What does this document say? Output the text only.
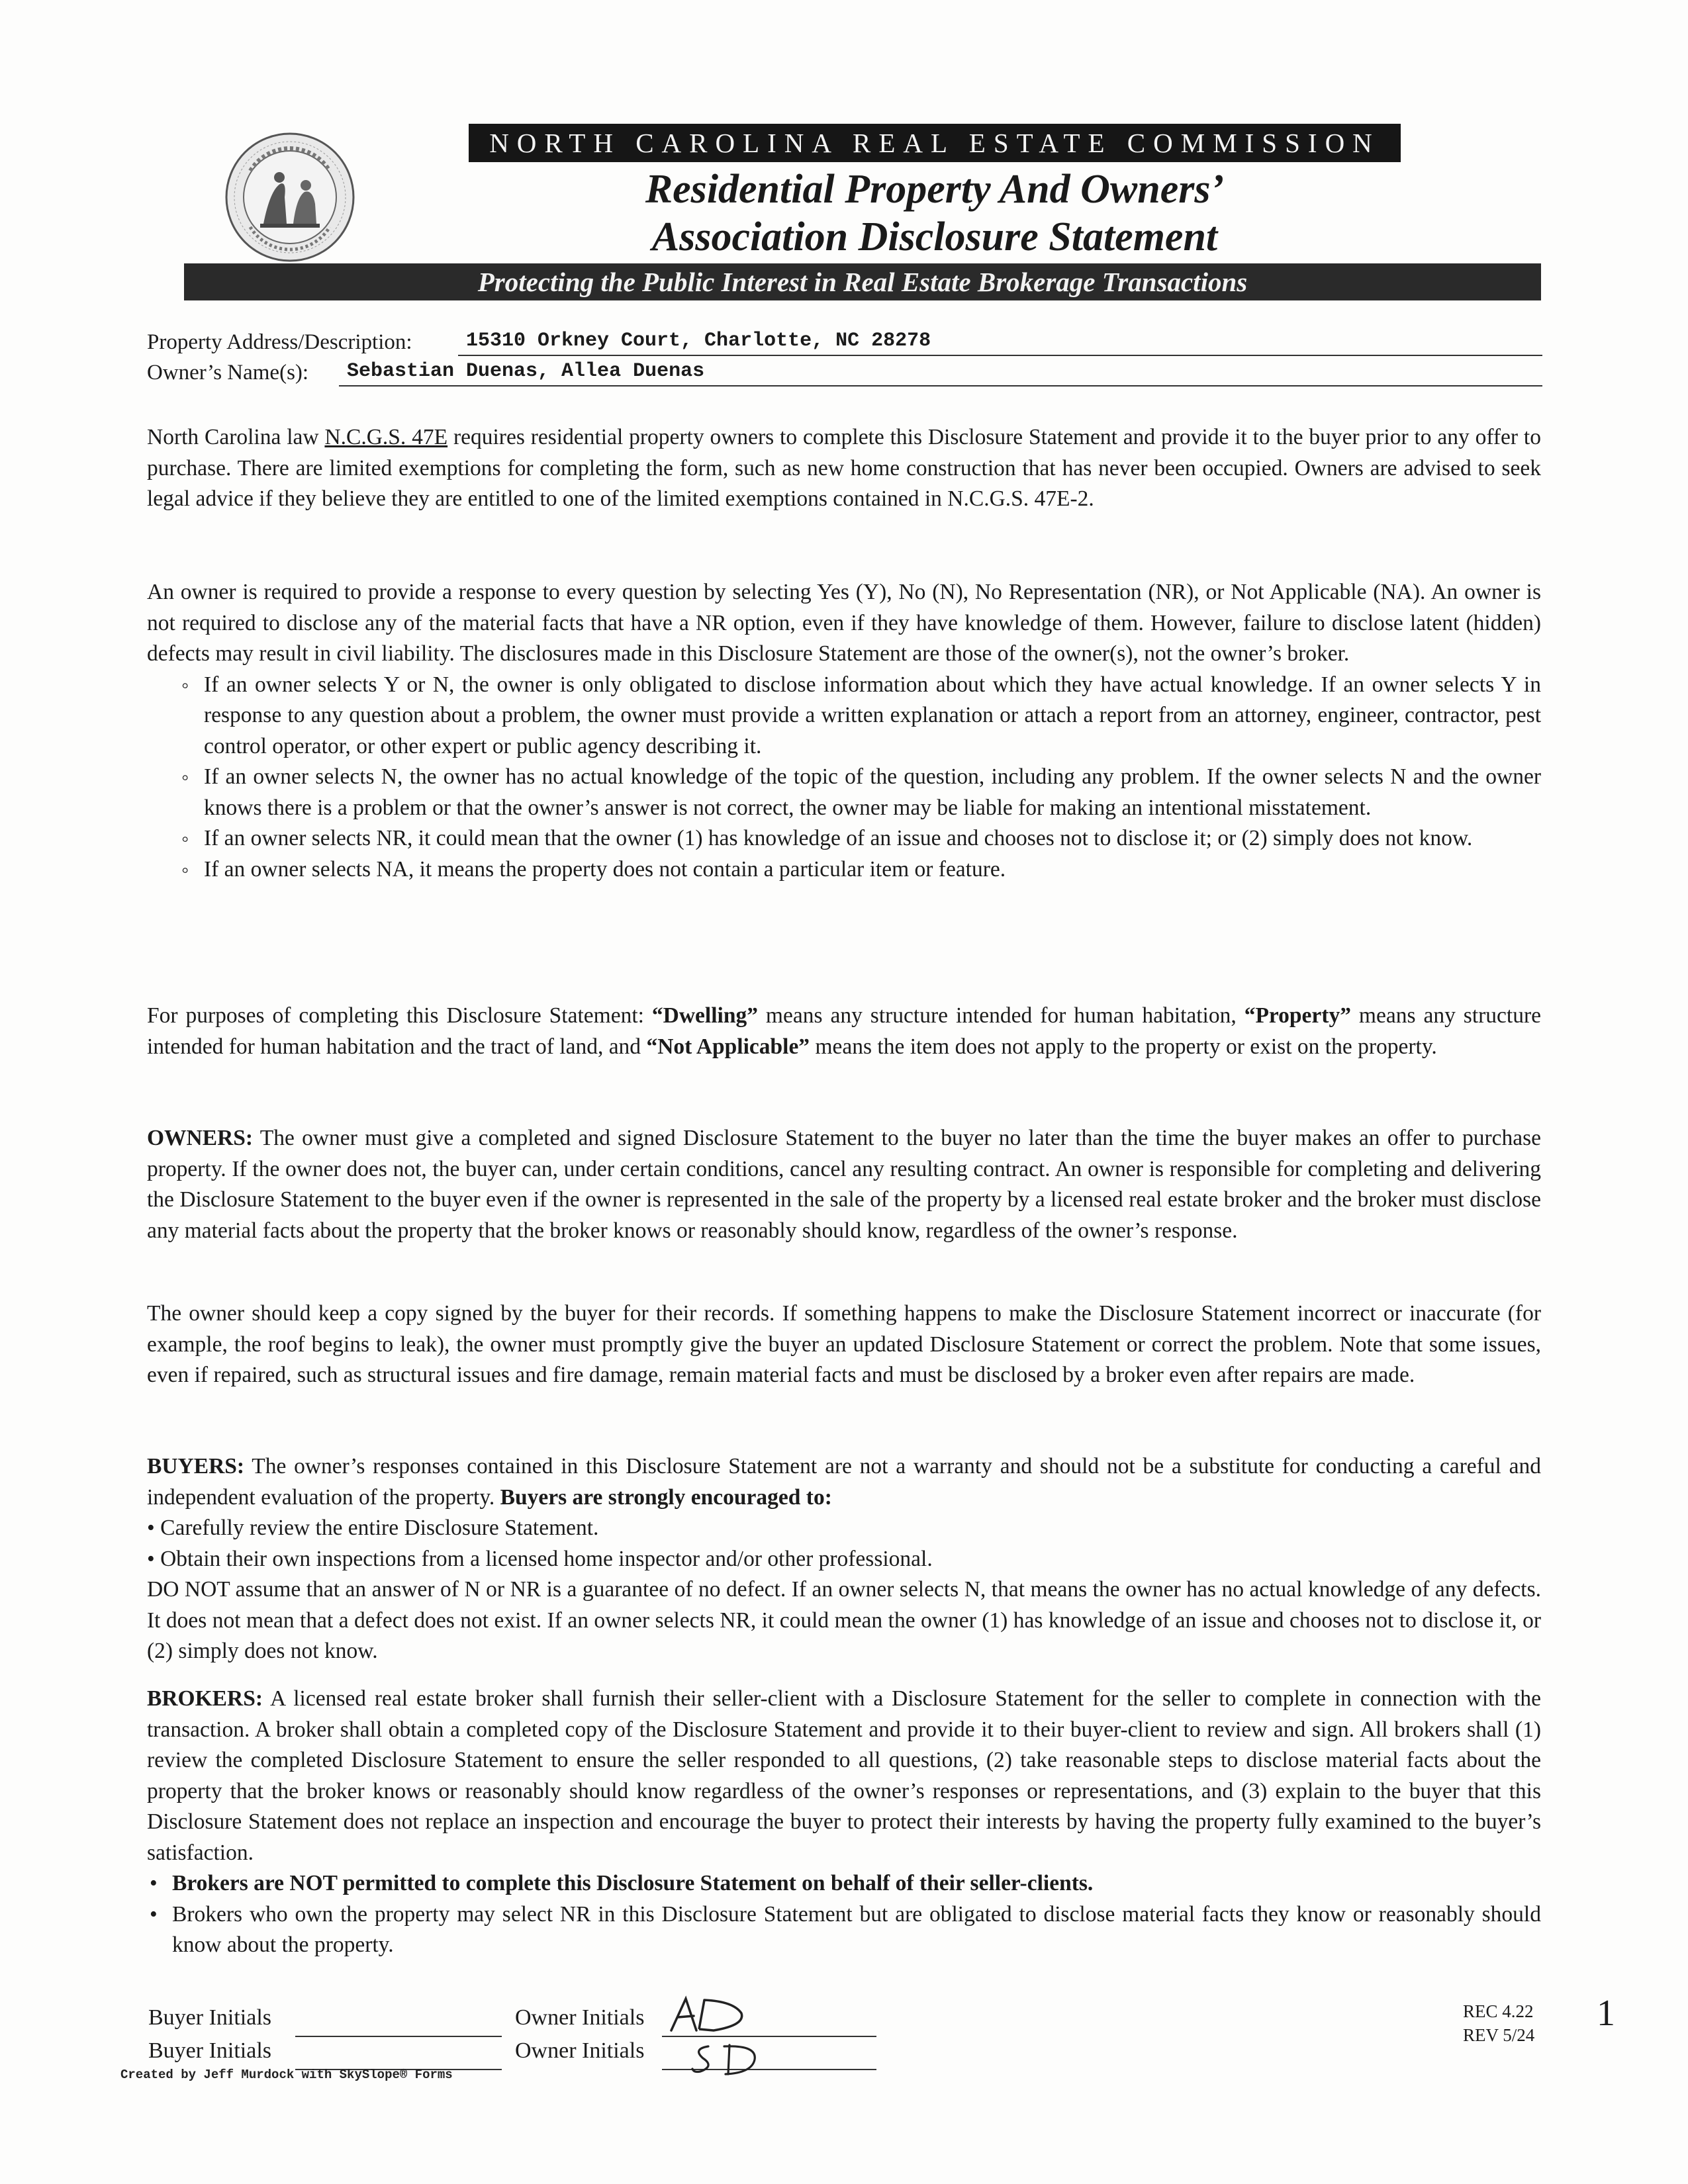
NORTH CAROLINA REAL ESTATE COMMISSION
Residential Property And Owners’
Association Disclosure Statement
Protecting the Public Interest in Real Estate Brokerage Transactions
Property Address/Description:	15310 Orkney Court, Charlotte, NC 28278
Owner’s Name(s): Sebastian Duenas, Allea Duenas
North Carolina law N.C.G.S. 47E requires residential property owners to complete this Disclosure Statement and provide it to the buyer prior to any offer to purchase. There are limited exemptions for completing the form, such as new home construction that has never been occupied. Owners are advised to seek legal advice if they believe they are entitled to one of the limited exemptions contained in N.C.G.S. 47E-2.
An owner is required to provide a response to every question by selecting Yes (Y), No (N), No Representation (NR), or Not Applicable (NA). An owner is not required to disclose any of the material facts that have a NR option, even if they have knowledge of them. However, failure to disclose latent (hidden) defects may result in civil liability. The disclosures made in this Disclosure Statement are those of the owner(s), not the owner’s broker.
◦ If an owner selects Y or N, the owner is only obligated to disclose information about which they have actual knowledge. If an owner selects Y in response to any question about a problem, the owner must provide a written explanation or attach a report from an attorney, engineer, contractor, pest control operator, or other expert or public agency describing it.
◦ If an owner selects N, the owner has no actual knowledge of the topic of the question, including any problem. If the owner selects N and the owner knows there is a problem or that the owner’s answer is not correct, the owner may be liable for making an intentional misstatement.
◦ If an owner selects NR, it could mean that the owner (1) has knowledge of an issue and chooses not to disclose it; or (2) simply does not know.
◦ If an owner selects NA, it means the property does not contain a particular item or feature.
For purposes of completing this Disclosure Statement: “Dwelling” means any structure intended for human habitation, “Property” means any structure intended for human habitation and the tract of land, and “Not Applicable” means the item does not apply to the property or exist on the property.
OWNERS: The owner must give a completed and signed Disclosure Statement to the buyer no later than the time the buyer makes an offer to purchase property. If the owner does not, the buyer can, under certain conditions, cancel any resulting contract. An owner is responsible for completing and delivering the Disclosure Statement to the buyer even if the owner is represented in the sale of the property by a licensed real estate broker and the broker must disclose any material facts about the property that the broker knows or reasonably should know, regardless of the owner’s response.
The owner should keep a copy signed by the buyer for their records. If something happens to make the Disclosure Statement incorrect or inaccurate (for example, the roof begins to leak), the owner must promptly give the buyer an updated Disclosure Statement or correct the problem. Note that some issues, even if repaired, such as structural issues and fire damage, remain material facts and must be disclosed by a broker even after repairs are made.
BUYERS: The owner’s responses contained in this Disclosure Statement are not a warranty and should not be a substitute for conducting a careful and independent evaluation of the property. Buyers are strongly encouraged to:
• Carefully review the entire Disclosure Statement.
• Obtain their own inspections from a licensed home inspector and/or other professional.
DO NOT assume that an answer of N or NR is a guarantee of no defect. If an owner selects N, that means the owner has no actual knowledge of any defects. It does not mean that a defect does not exist. If an owner selects NR, it could mean the owner (1) has knowledge of an issue and chooses not to disclose it, or (2) simply does not know.
BROKERS: A licensed real estate broker shall furnish their seller-client with a Disclosure Statement for the seller to complete in connection with the transaction. A broker shall obtain a completed copy of the Disclosure Statement and provide it to their buyer-client to review and sign. All brokers shall (1) review the completed Disclosure Statement to ensure the seller responded to all questions, (2) take reasonable steps to disclose material facts about the property that the broker knows or reasonably should know regardless of the owner’s responses or representations, and (3) explain to the buyer that this Disclosure Statement does not replace an inspection and encourage the buyer to protect their interests by having the property fully examined to the buyer’s satisfaction.
• Brokers are NOT permitted to complete this Disclosure Statement on behalf of their seller-clients.
• Brokers who own the property may select NR in this Disclosure Statement but are obligated to disclose material facts they know or reasonably should know about the property.
Buyer Initials
Buyer Initials
Owner Initials
Owner Initials
Created by Jeff Murdock with SkySlope® Forms
REC 4.22
REV 5/24
1
